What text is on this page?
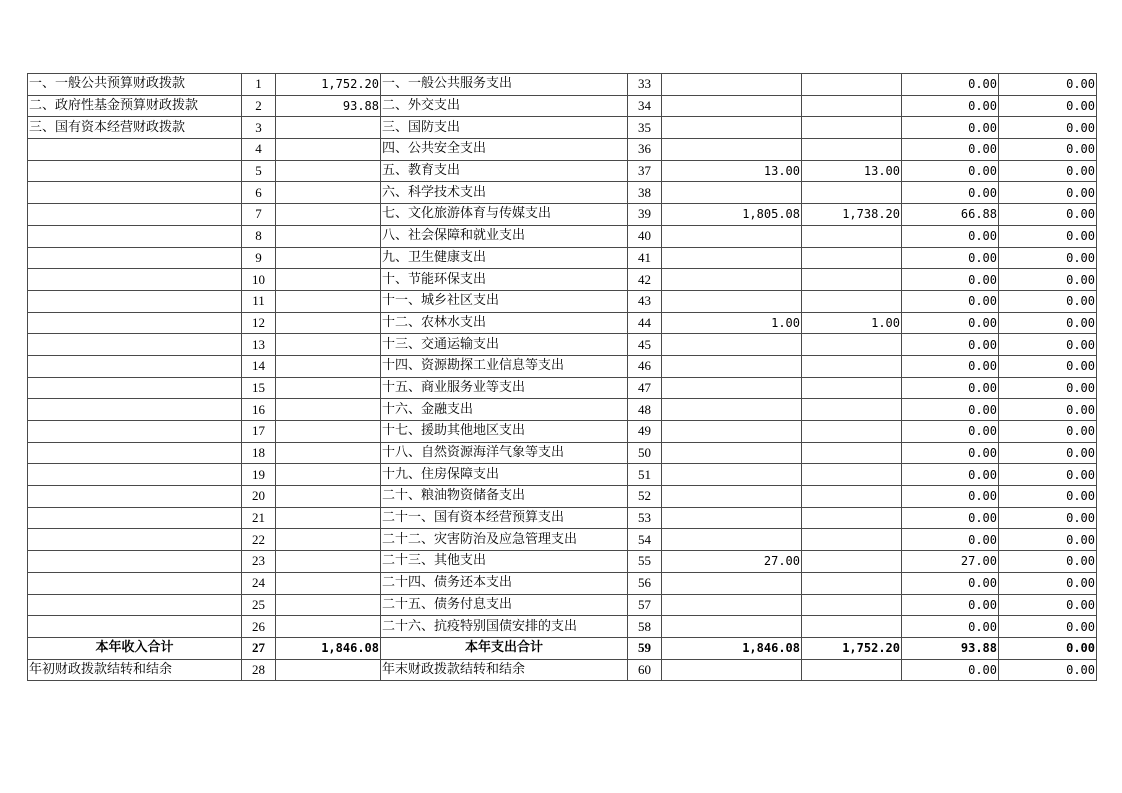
一、一般公共预算财政拨款	1	1,752.20	一、一般公共服务支出	33			0.00	0.00
二、政府性基金预算财政拨款	2	93.88	二、外交支出	34			0.00	0.00
三、国有资本经营财政拨款	3		三、国防支出	35			0.00	0.00
	4		四、公共安全支出	36			0.00	0.00
	5		五、教育支出	37	13.00	13.00	0.00	0.00
	6		六、科学技术支出	38			0.00	0.00
	7		七、文化旅游体育与传媒支出	39	1,805.08	1,738.20	66.88	0.00
	8		八、社会保障和就业支出	40			0.00	0.00
	9		九、卫生健康支出	41			0.00	0.00
	10		十、节能环保支出	42			0.00	0.00
	11		十一、城乡社区支出	43			0.00	0.00
	12		十二、农林水支出	44	1.00	1.00	0.00	0.00
	13		十三、交通运输支出	45			0.00	0.00
	14		十四、资源勘探工业信息等支出	46			0.00	0.00
	15		十五、商业服务业等支出	47			0.00	0.00
	16		十六、金融支出	48			0.00	0.00
	17		十七、援助其他地区支出	49			0.00	0.00
	18		十八、自然资源海洋气象等支出	50			0.00	0.00
	19		十九、住房保障支出	51			0.00	0.00
	20		二十、粮油物资储备支出	52			0.00	0.00
	21		二十一、国有资本经营预算支出	53			0.00	0.00
	22		二十二、灾害防治及应急管理支出	54			0.00	0.00
	23		二十三、其他支出	55	27.00		27.00	0.00
	24		二十四、债务还本支出	56			0.00	0.00
	25		二十五、债务付息支出	57			0.00	0.00
	26		二十六、抗疫特别国债安排的支出	58			0.00	0.00
本年收入合计	27	1,846.08	本年支出合计	59	1,846.08	1,752.20	93.88	0.00
年初财政拨款结转和结余	28		年末财政拨款结转和结余	60			0.00	0.00
